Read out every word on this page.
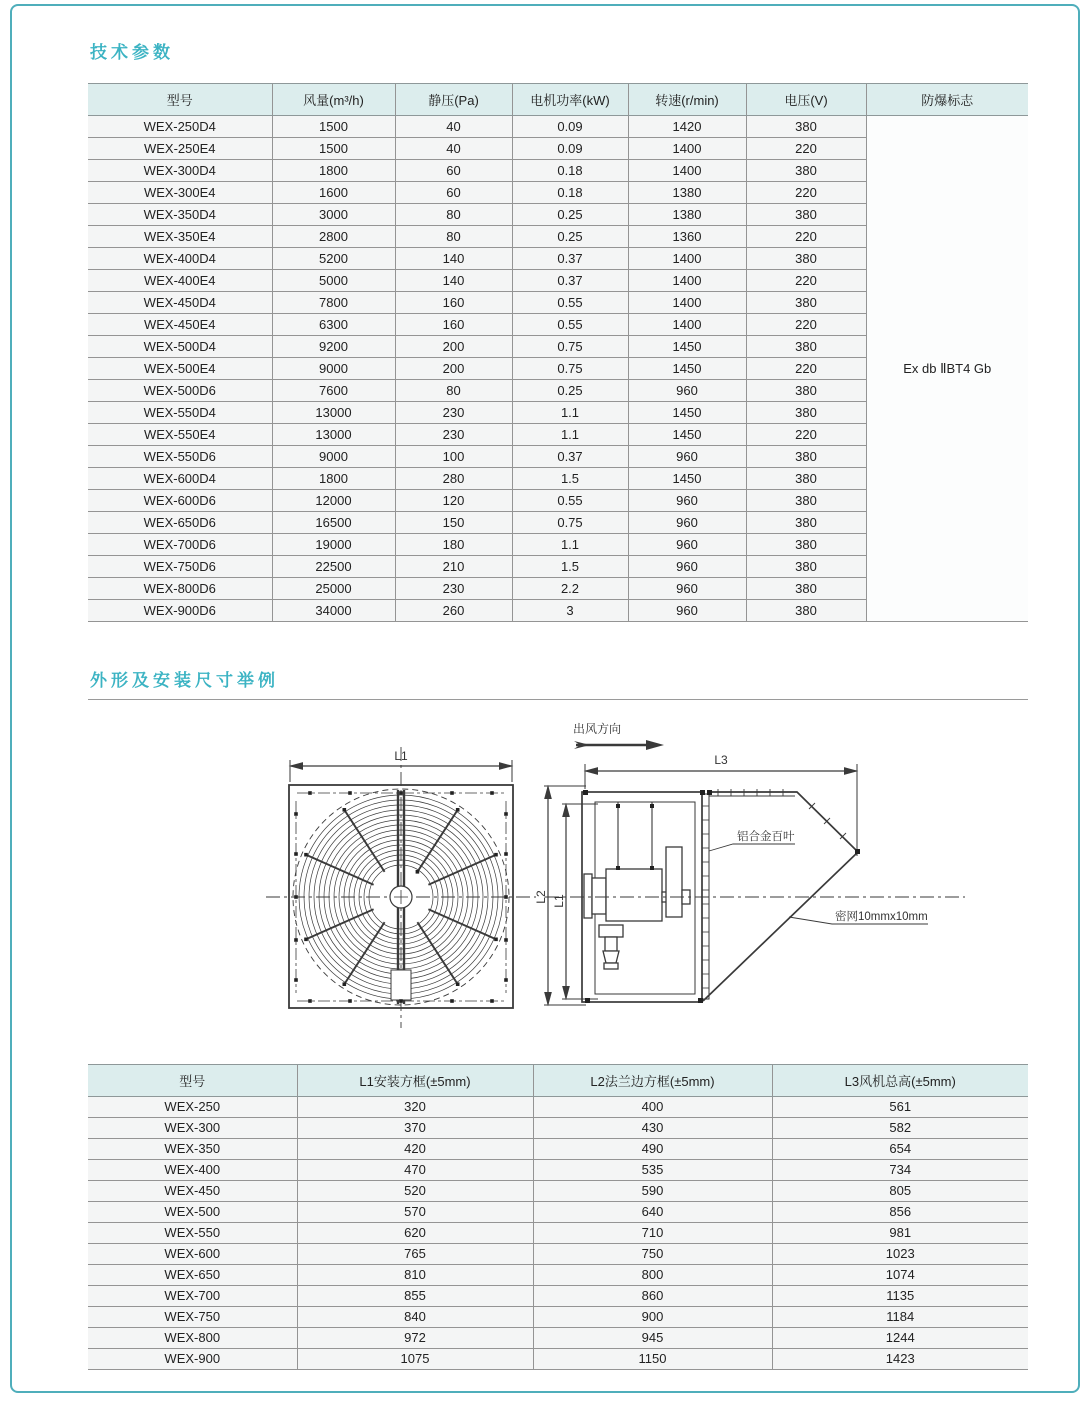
技术参数
型号	风量(m³/h)	静压(Pa)	电机功率(kW)	转速(r/min)	电压(V)	防爆标志
WEX-250D4	1500	40	0.09	1420	380	Ex db ⅡBT4 Gb
WEX-250E4	1500	40	0.09	1400	220	
WEX-300D4	1800	60	0.18	1400	380	
WEX-300E4	1600	60	0.18	1380	220	
WEX-350D4	3000	80	0.25	1380	380	
WEX-350E4	2800	80	0.25	1360	220	
WEX-400D4	5200	140	0.37	1400	380	
WEX-400E4	5000	140	0.37	1400	220	
WEX-450D4	7800	160	0.55	1400	380	
WEX-450E4	6300	160	0.55	1400	220	
WEX-500D4	9200	200	0.75	1450	380	
WEX-500E4	9000	200	0.75	1450	220	
WEX-500D6	7600	80	0.25	960	380	
WEX-550D4	13000	230	1.1	1450	380	
WEX-550E4	13000	230	1.1	1450	220	
WEX-550D6	9000	100	0.37	960	380	
WEX-600D4	1800	280	1.5	1450	380	
WEX-600D6	12000	120	0.55	960	380	
WEX-650D6	16500	150	0.75	960	380	
WEX-700D6	19000	180	1.1	960	380	
WEX-750D6	22500	210	1.5	960	380	
WEX-800D6	25000	230	2.2	960	380	
WEX-900D6	34000	260	3	960	380	
外形及安装尺寸举例
出风方向
L1	L3
L2 L1
铝合金百叶
密网10mmx10mm
型号	L1安装方框(±5mm)	L2法兰边方框(±5mm)	L3风机总高(±5mm)
WEX-250	320	400	561
WEX-300	370	430	582
WEX-350	420	490	654
WEX-400	470	535	734
WEX-450	520	590	805
WEX-500	570	640	856
WEX-550	620	710	981
WEX-600	765	750	1023
WEX-650	810	800	1074
WEX-700	855	860	1135
WEX-750	840	900	1184
WEX-800	972	945	1244
WEX-900	1075	1150	1423
